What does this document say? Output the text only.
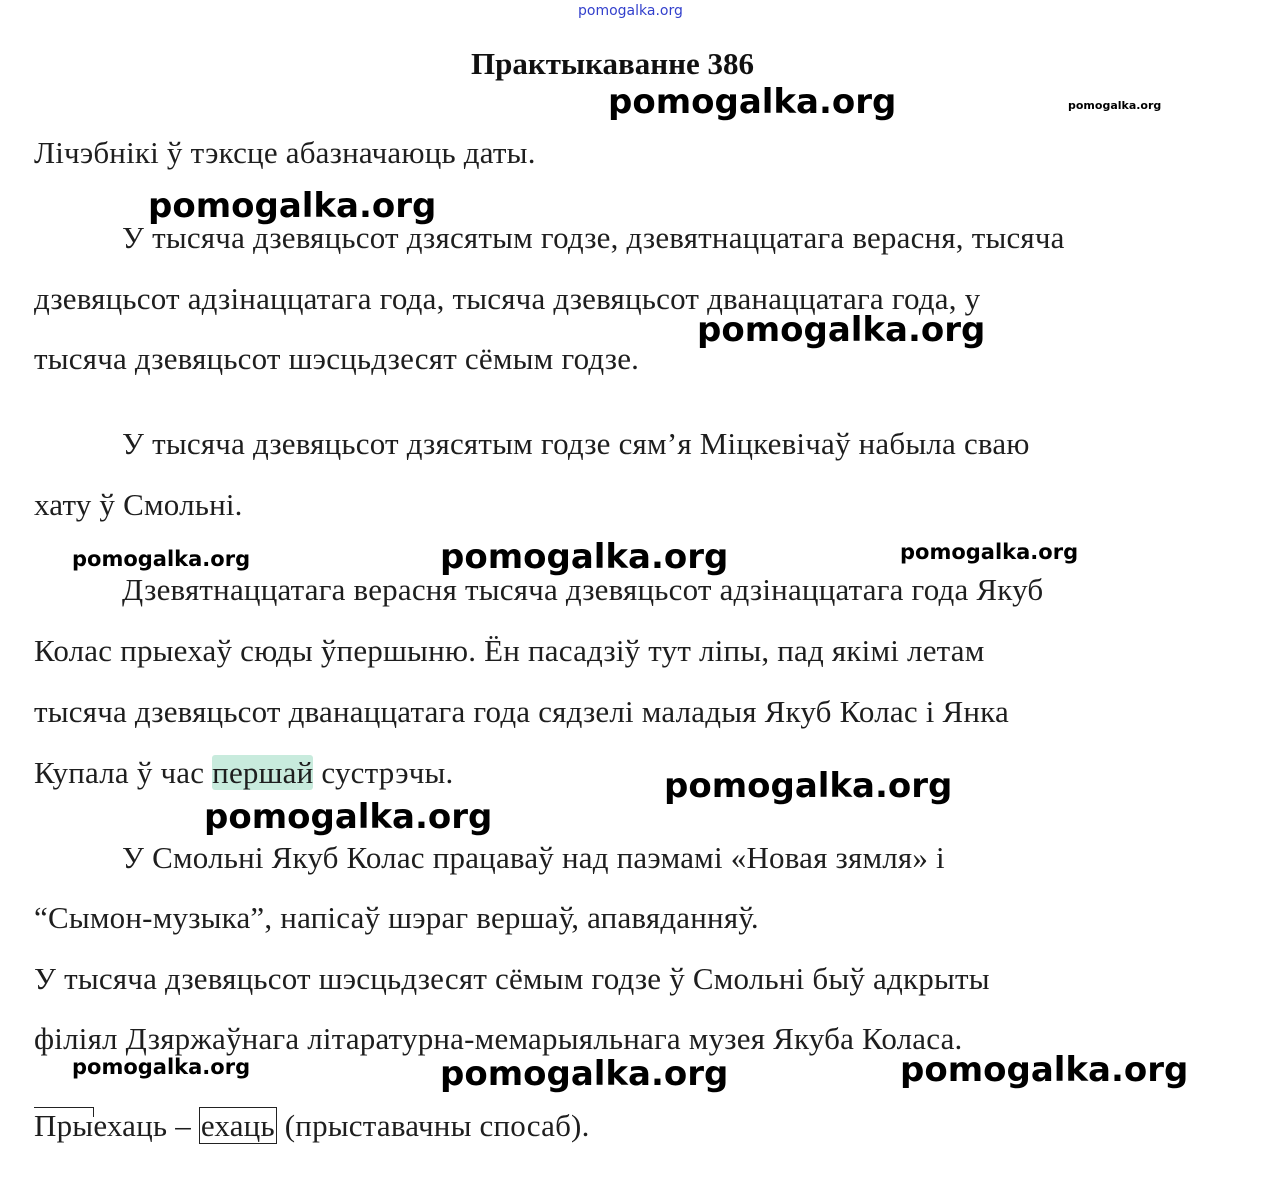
pomogalka.org
Практыкаванне 386
pomogalka.org	pomogalka.org
Лічэбнікі ў тэксце абазначаюць даты.
pomogalka.org
У тысяча дзевяцьсот дзясятым годзе, дзевятнаццатага верасня, тысяча
дзевяцьсот адзінаццатага года, тысяча дзевяцьсот дванаццатага года, у
pomogalka.org
тысяча дзевяцьсот шэсцьдзесят сёмым годзе.
У тысяча дзевяцьсот дзясятым годзе сям’я Міцкевічаў набыла сваю
хату ў Смольні.
pomogalka.org	pomogalka.org	pomogalka.org
Дзевятнаццатага верасня тысяча дзевяцьсот адзінаццатага года Якуб
Колас прыехаў сюды ўпершыню. Ён пасадзіў тут ліпы, пад якімі летам
тысяча дзевяцьсот дванаццатага года сядзелі маладыя Якуб Колас і Янка
Купала ў час першай сустрэчы.	pomogalka.org
pomogalka.org
У Смольні Якуб Колас працаваў над паэмамі «Новая зямля» і
“Сымон-музыка”, напісаў шэраг вершаў, апавяданняў.
У тысяча дзевяцьсот шэсцьдзесят сёмым годзе ў Смольні быў адкрыты
філіял Дзяржаўнага літаратурна-мемарыяльнага музея Якуба Коласа.
pomogalka.org	pomogalka.org	pomogalka.org
Прыехаць – ехаць (прыставачны спосаб).
